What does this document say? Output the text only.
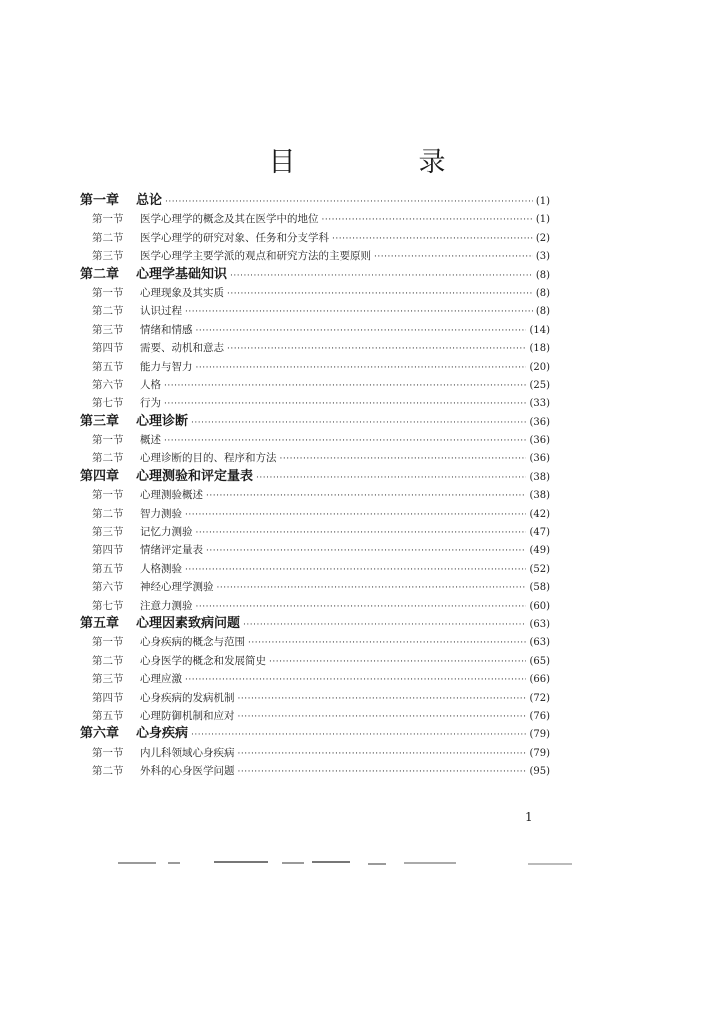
目　录
第一章	总论 ·····	(1)
第一节	医学心理学的概念及其在医学中的地位 ·····	(1)
第二节	医学心理学的研究对象、任务和分支学科 ·····	(2)
第三节	医学心理学主要学派的观点和研究方法的主要原则 ·····	(3)
第二章	心理学基础知识 ·····	(8)
第一节	心理现象及其实质 ·····	(8)
第二节	认识过程 ·····	(8)
第三节	情绪和情感 ·····	(14)
第四节	需要、动机和意志 ·····	(18)
第五节	能力与智力 ·····	(20)
第六节	人格 ·····	(25)
第七节	行为 ·····	(33)
第三章	心理诊断 ·····	(36)
第一节	概述 ·····	(36)
第二节	心理诊断的目的、程序和方法 ·····	(36)
第四章	心理测验和评定量表 ·····	(38)
第一节	心理测验概述 ·····	(38)
第二节	智力测验 ·····	(42)
第三节	记忆力测验 ·····	(47)
第四节	情绪评定量表 ·····	(49)
第五节	人格测验 ·····	(52)
第六节	神经心理学测验 ·····	(58)
第七节	注意力测验 ·····	(60)
第五章	心理因素致病问题 ·····	(63)
第一节	心身疾病的概念与范围 ·····	(63)
第二节	心身医学的概念和发展简史 ·····	(65)
第三节	心理应激 ·····	(66)
第四节	心身疾病的发病机制 ·····	(72)
第五节	心理防御机制和应对 ·····	(76)
第六章	心身疾病 ·····	(79)
第一节	内儿科领域心身疾病 ·····	(79)
第二节	外科的心身医学问题 ·····	(95)
1
